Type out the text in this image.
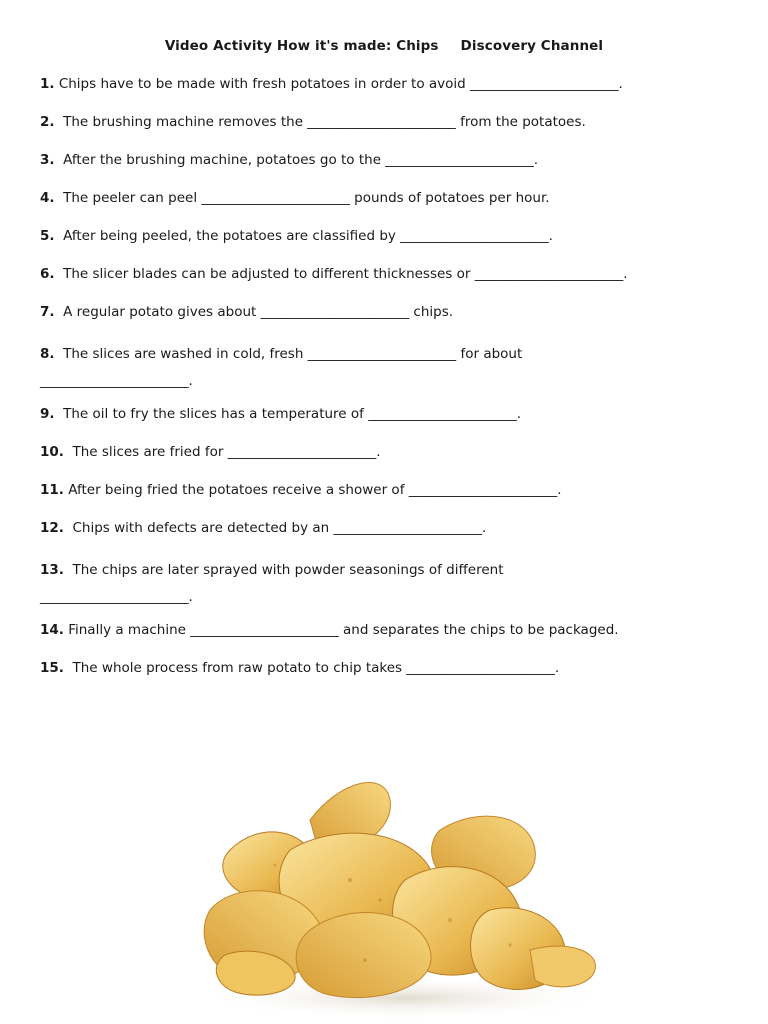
Video Activity How it's made: Chips Discovery Channel
1. Chips have to be made with fresh potatoes in order to avoid ______________________.
2.  The brushing machine removes the ______________________ from the potatoes.
3.  After the brushing machine, potatoes go to the ______________________.
4.  The peeler can peel ______________________ pounds of potatoes per hour.
5.  After being peeled, the potatoes are classified by ______________________.
6.  The slicer blades can be adjusted to different thicknesses or ______________________.
7.  A regular potato gives about ______________________ chips.
8.  The slices are washed in cold, fresh ______________________ for about ______________________.
9.  The oil to fry the slices has a temperature of ______________________.
10.  The slices are fried for ______________________.
11. After being fried the potatoes receive a shower of ______________________.
12.  Chips with defects are detected by an ______________________.
13.  The chips are later sprayed with powder seasonings of different ______________________.
14. Finally a machine ______________________ and separates the chips to be packaged.
15.  The whole process from raw potato to chip takes ______________________.
